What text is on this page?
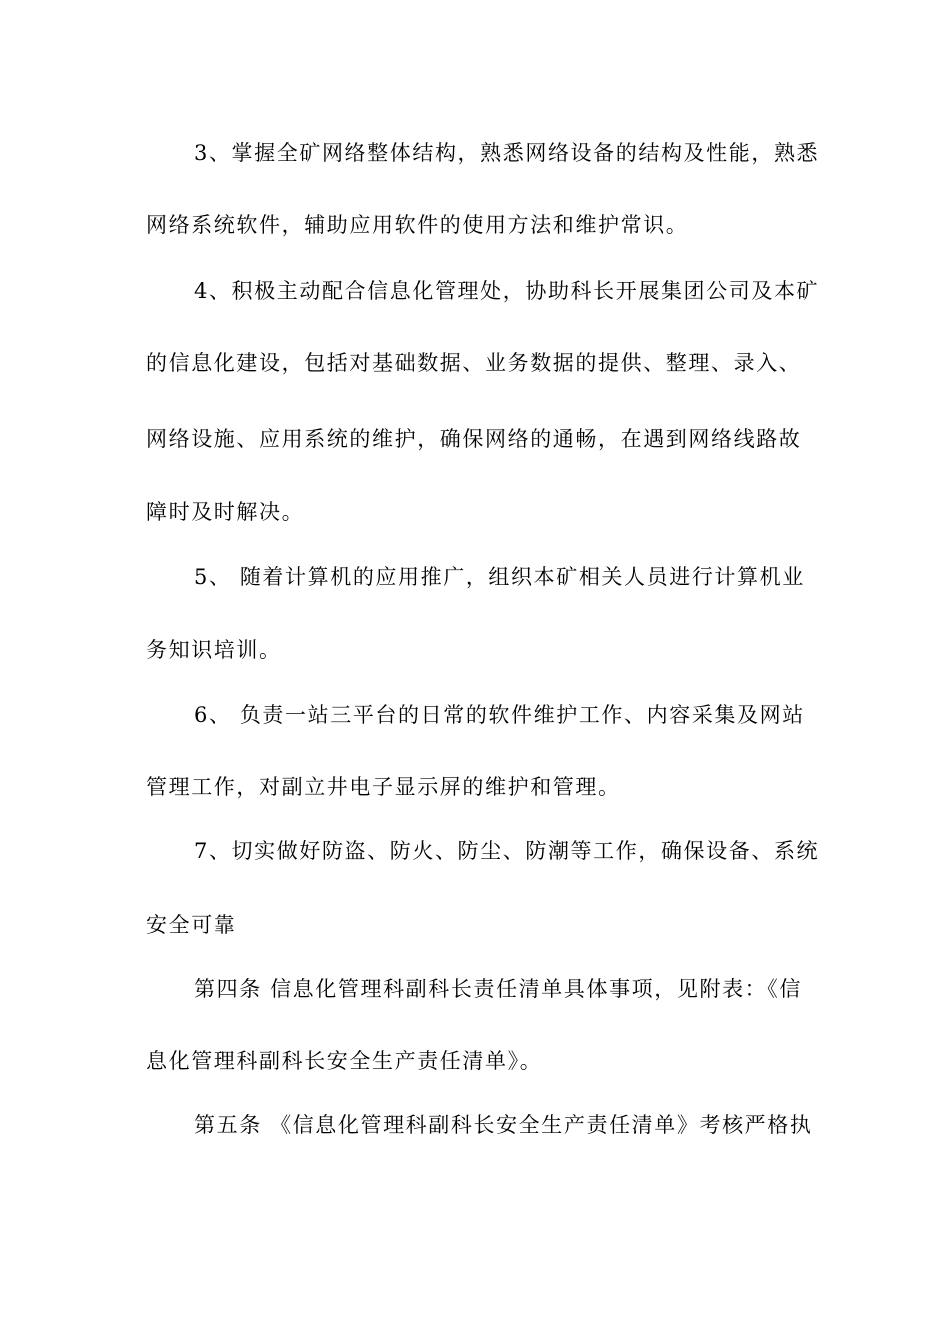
3、掌握全矿网络整体结构，熟悉网络设备的结构及性能，熟悉
网络系统软件，辅助应用软件的使用方法和维护常识。
4、积极主动配合信息化管理处，协助科长开展集团公司及本矿
的信息化建设，包括对基础数据、业务数据的提供、整理、录入、
网络设施、应用系统的维护，确保网络的通畅，在遇到网络线路故
障时及时解决。
5、 随着计算机的应用推广，组织本矿相关人员进行计算机业
务知识培训。
6、 负责一站三平台的日常的软件维护工作、内容采集及网站
管理工作，对副立井电子显示屏的维护和管理。
7、切实做好防盗、防火、防尘、防潮等工作，确保设备、系统
安全可靠
第四条 信息化管理科副科长责任清单具体事项，见附表：《信
息化管理科副科长安全生产责任清单》。
第五条 《信息化管理科副科长安全生产责任清单》考核严格执
